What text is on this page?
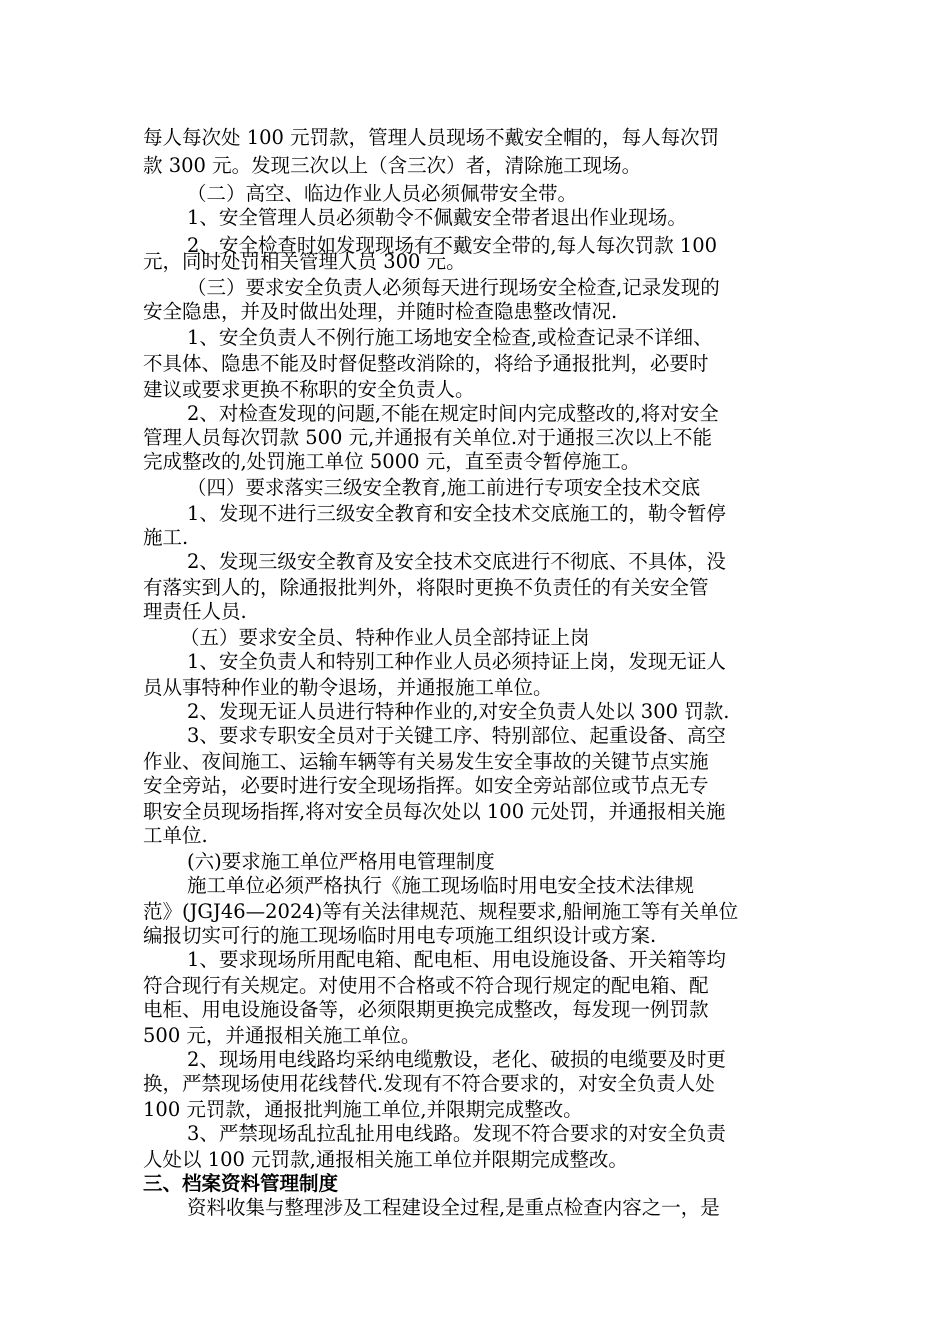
每人每次处 100 元罚款，管理人员现场不戴安全帽的，每人每次罚
款 300 元。发现三次以上（含三次）者，清除施工现场。
（二）高空、临边作业人员必须佩带安全带。
1、安全管理人员必须勒令不佩戴安全带者退出作业现场。
2、安全检查时如发现现场有不戴安全带的,每人每次罚款 100
元，同时处罚相关管理人员 300 元。
（三）要求安全负责人必须每天进行现场安全检查,记录发现的
安全隐患，并及时做出处理，并随时检查隐患整改情况.
1、安全负责人不例行施工场地安全检查,或检查记录不详细、
不具体、隐患不能及时督促整改消除的，将给予通报批判，必要时
建议或要求更换不称职的安全负责人。
2、对检查发现的问题,不能在规定时间内完成整改的,将对安全
管理人员每次罚款 500 元,并通报有关单位.对于通报三次以上不能
完成整改的,处罚施工单位 5000 元，直至责令暂停施工。
（四）要求落实三级安全教育,施工前进行专项安全技术交底
1、发现不进行三级安全教育和安全技术交底施工的，勒令暂停
施工.
2、发现三级安全教育及安全技术交底进行不彻底、不具体，没
有落实到人的，除通报批判外，将限时更换不负责任的有关安全管
理责任人员.
（五）要求安全员、特种作业人员全部持证上岗
1、安全负责人和特别工种作业人员必须持证上岗，发现无证人
员从事特种作业的勒令退场，并通报施工单位。
2、发现无证人员进行特种作业的,对安全负责人处以 300 罚款.
3、要求专职安全员对于关键工序、特别部位、起重设备、高空
作业、夜间施工、运输车辆等有关易发生安全事故的关键节点实施
安全旁站，必要时进行安全现场指挥。如安全旁站部位或节点无专
职安全员现场指挥,将对安全员每次处以 100 元处罚，并通报相关施
工单位.
(六)要求施工单位严格用电管理制度
施工单位必须严格执行《施工现场临时用电安全技术法律规
范》(JGJ46—2024)等有关法律规范、规程要求,船闸施工等有关单位
编报切实可行的施工现场临时用电专项施工组织设计或方案.
1、要求现场所用配电箱、配电柜、用电设施设备、开关箱等均
符合现行有关规定。对使用不合格或不符合现行规定的配电箱、配
电柜、用电设施设备等，必须限期更换完成整改，每发现一例罚款
500 元，并通报相关施工单位。
2、现场用电线路均采纳电缆敷设，老化、破损的电缆要及时更
换，严禁现场使用花线替代.发现有不符合要求的，对安全负责人处
100 元罚款，通报批判施工单位,并限期完成整改。
3、严禁现场乱拉乱扯用电线路。发现不符合要求的对安全负责
人处以 100 元罚款,通报相关施工单位并限期完成整改。
三、档案资料管理制度
资料收集与整理涉及工程建设全过程,是重点检查内容之一，是
